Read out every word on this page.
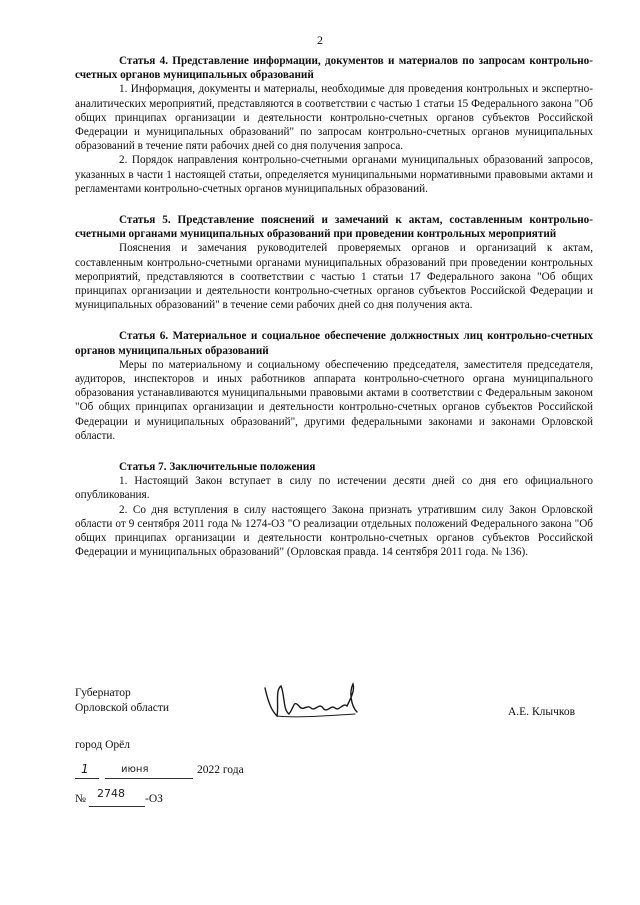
2

Статья 4. Представление информации, документов и материалов по запросам контрольно-счетных органов муниципальных образований

1. Информация, документы и материалы, необходимые для проведения контрольных и экспертно-аналитических мероприятий, представляются в соответствии с частью 1 статьи 15 Федерального закона "Об общих принципах организации и деятельности контрольно-счетных органов субъектов Российской Федерации и муниципальных образований" по запросам контрольно-счетных органов муниципальных образований в течение пяти рабочих дней со дня получения запроса.

2. Порядок направления контрольно-счетными органами муниципальных образований запросов, указанных в части 1 настоящей статьи, определяется муниципальными нормативными правовыми актами и регламентами контрольно-счетных органов муниципальных образований.

Статья 5. Представление пояснений и замечаний к актам, составленным контрольно-счетными органами муниципальных образований при проведении контрольных мероприятий

Пояснения и замечания руководителей проверяемых органов и организаций к актам, составленным контрольно-счетными органами муниципальных образований при проведении контрольных мероприятий, представляются в соответствии с частью 1 статьи 17 Федерального закона "Об общих принципах организации и деятельности контрольно-счетных органов субъектов Российской Федерации и муниципальных образований" в течение семи рабочих дней со дня получения акта.

Статья 6. Материальное и социальное обеспечение должностных лиц контрольно-счетных органов муниципальных образований

Меры по материальному и социальному обеспечению председателя, заместителя председателя, аудиторов, инспекторов и иных работников аппарата контрольно-счетного органа муниципального образования устанавливаются муниципальными правовыми актами в соответствии с Федеральным законом "Об общих принципах организации и деятельности контрольно-счетных органов субъектов Российской Федерации и муниципальных образований", другими федеральными законами и законами Орловской области.

Статья 7. Заключительные положения

1. Настоящий Закон вступает в силу по истечении десяти дней со дня его официального опубликования.

2. Со дня вступления в силу настоящего Закона признать утратившим силу Закон Орловской области от 9 сентября 2011 года № 1274-ОЗ "О реализации отдельных положений Федерального закона "Об общих принципах организации и деятельности контрольно-счетных органов субъектов Российской Федерации и муниципальных образований" (Орловская правда. 14 сентября 2011 года. № 136).

Губернатор
Орловской области	А.Е. Клычков
город Орёл
1	июня	2022 года
№ 2748 -ОЗ
